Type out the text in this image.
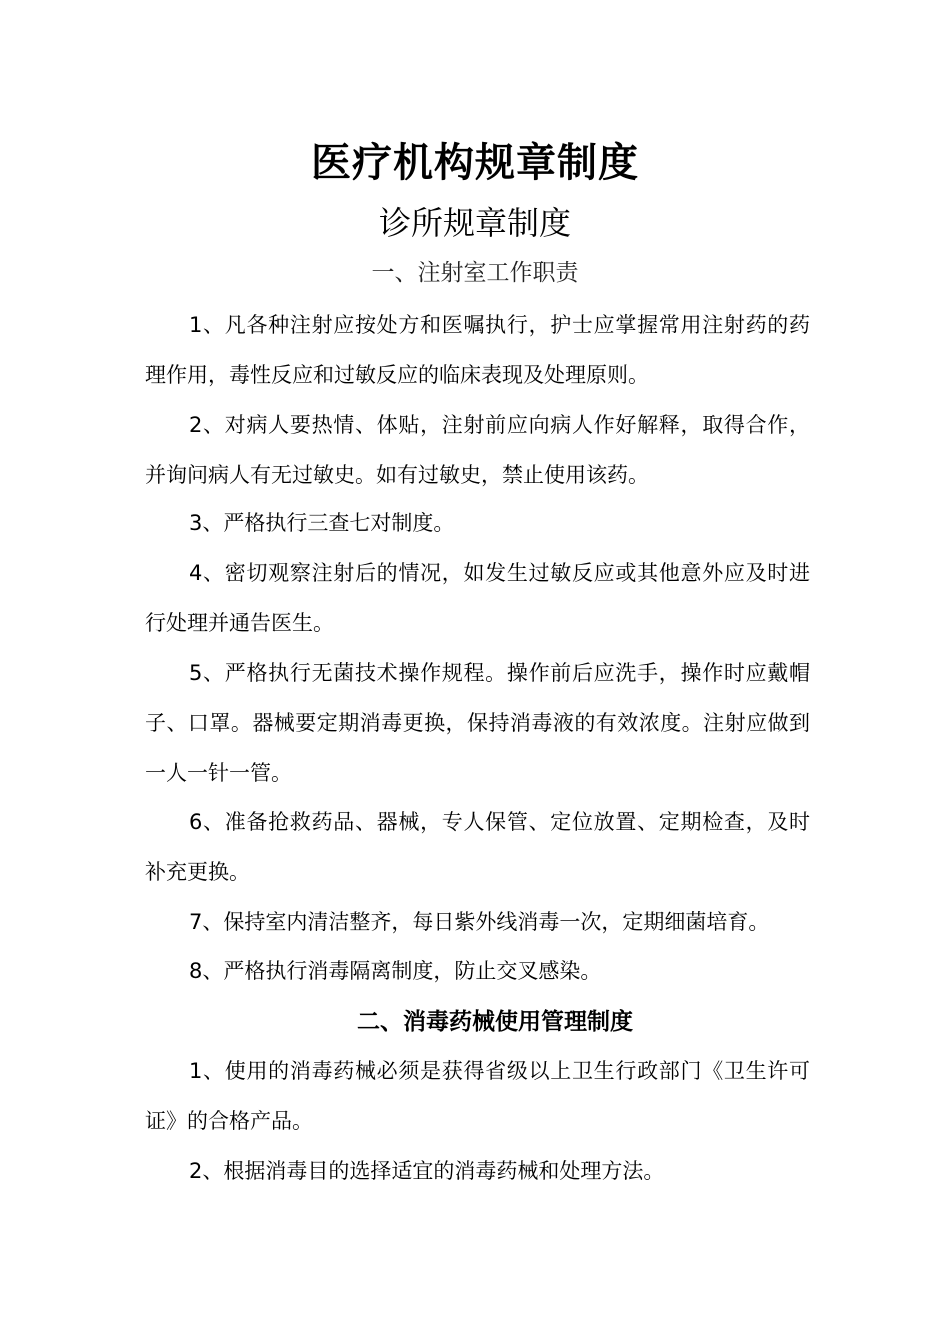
医疗机构规章制度
诊所规章制度
一、注射室工作职责

1、凡各种注射应按处方和医嘱执行，护士应掌握常用注射药的药理作用，毒性反应和过敏反应的临床表现及处理原则。

2、对病人要热情、体贴，注射前应向病人作好解释，取得合作，并询问病人有无过敏史。如有过敏史，禁止使用该药。

3、严格执行三查七对制度。

4、密切观察注射后的情况，如发生过敏反应或其他意外应及时进行处理并通告医生。

5、严格执行无菌技术操作规程。操作前后应洗手，操作时应戴帽子、口罩。器械要定期消毒更换，保持消毒液的有效浓度。注射应做到一人一针一管。

6、准备抢救药品、器械，专人保管、定位放置、定期检查，及时补充更换。

7、保持室内清洁整齐，每日紫外线消毒一次，定期细菌培育。

8、严格执行消毒隔离制度，防止交叉感染。

二、消毒药械使用管理制度

1、使用的消毒药械必须是获得省级以上卫生行政部门《卫生许可证》的合格产品。

2、根据消毒目的选择适宜的消毒药械和处理方法。
